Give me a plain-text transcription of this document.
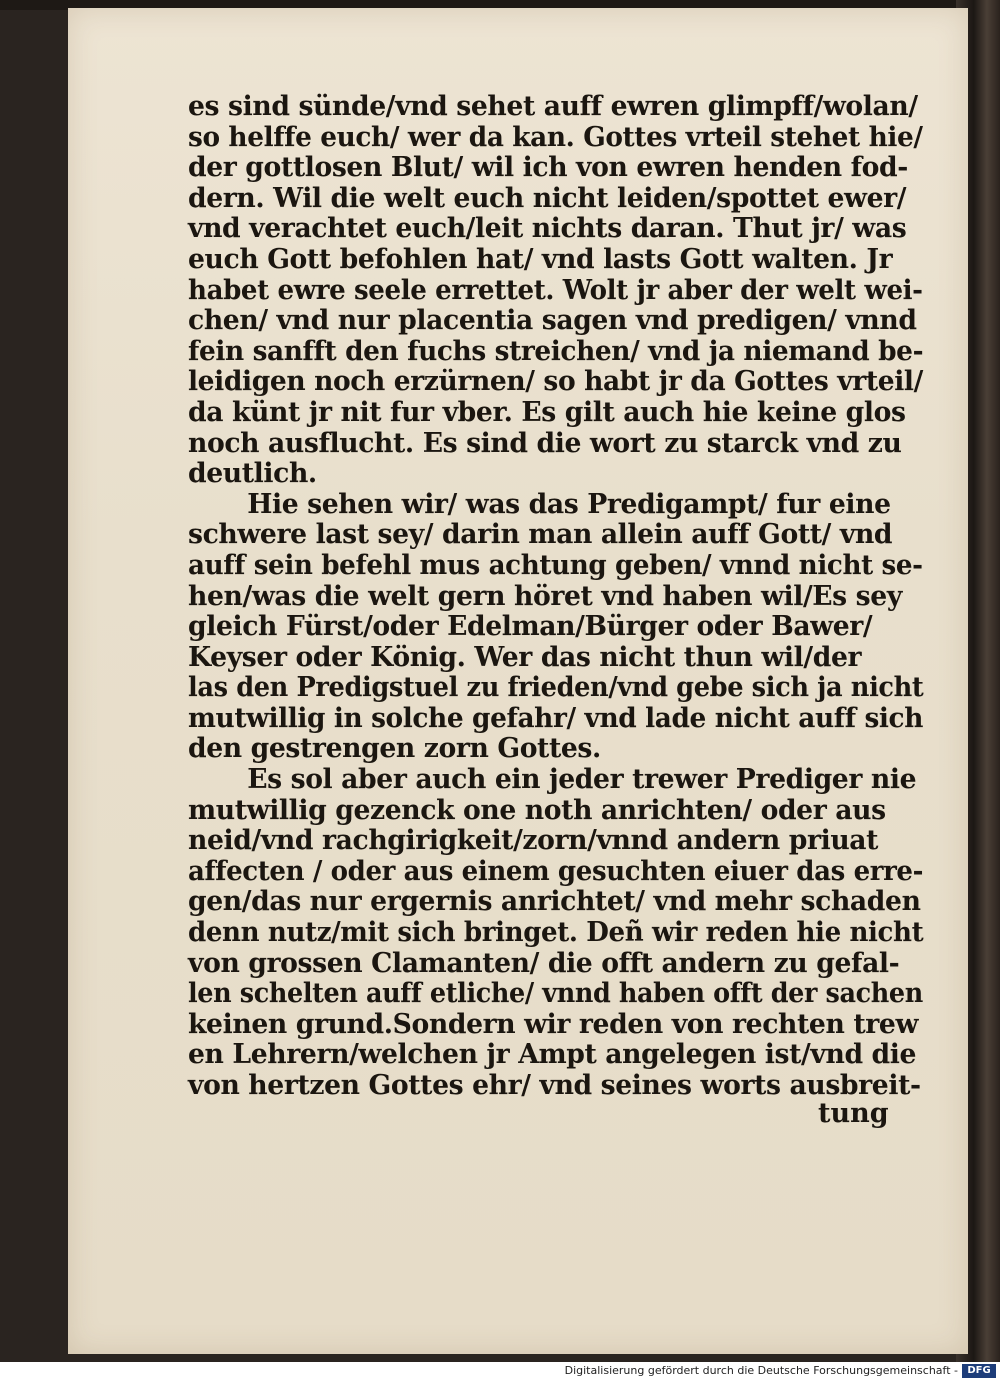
es sind sünde/vnd sehet auff ewren glimpff/wolan/
so helffe euch/ wer da kan. Gottes vrteil stehet hie/
der gottlosen Blut/ wil ich von ewren henden fod-
dern. Wil die welt euch nicht leiden/spottet ewer/
vnd verachtet euch/leit nichts daran. Thut jr/ was
euch Gott befohlen hat/ vnd lasts Gott walten. Jr
habet ewre seele errettet. Wolt jr aber der welt wei-
chen/ vnd nur placentia sagen vnd predigen/ vnnd
fein sanfft den fuchs streichen/ vnd ja niemand be-
leidigen noch erzürnen/ so habt jr da Gottes vrteil/
da künt jr nit fur vber. Es gilt auch hie keine glos
noch ausflucht. Es sind die wort zu starck vnd zu
deutlich.
Hie sehen wir/ was das Predigampt/ fur eine
schwere last sey/ darin man allein auff Gott/ vnd
auff sein befehl mus achtung geben/ vnnd nicht se-
hen/was die welt gern höret vnd haben wil/Es sey
gleich Fürst/oder Edelman/Bürger oder Bawer/
Keyser oder König. Wer das nicht thun wil/der
las den Predigstuel zu frieden/vnd gebe sich ja nicht
mutwillig in solche gefahr/ vnd lade nicht auff sich
den gestrengen zorn Gottes.
Es sol aber auch ein jeder trewer Prediger nie
mutwillig gezenck one noth anrichten/ oder aus
neid/vnd rachgirigkeit/zorn/vnnd andern priuat
affecten / oder aus einem gesuchten eiuer das erre-
gen/das nur ergernis anrichtet/ vnd mehr schaden
denn nutz/mit sich bringet. Deñ wir reden hie nicht
von grossen Clamanten/ die offt andern zu gefal-
len schelten auff etliche/ vnnd haben offt der sachen
keinen grund.Sondern wir reden von rechten trew
en Lehrern/welchen jr Ampt angelegen ist/vnd die
von hertzen Gottes ehr/ vnd seines worts ausbreit-
tung
Digitalisierung gefördert durch die Deutsche Forschungsgemeinschaft - DFG
